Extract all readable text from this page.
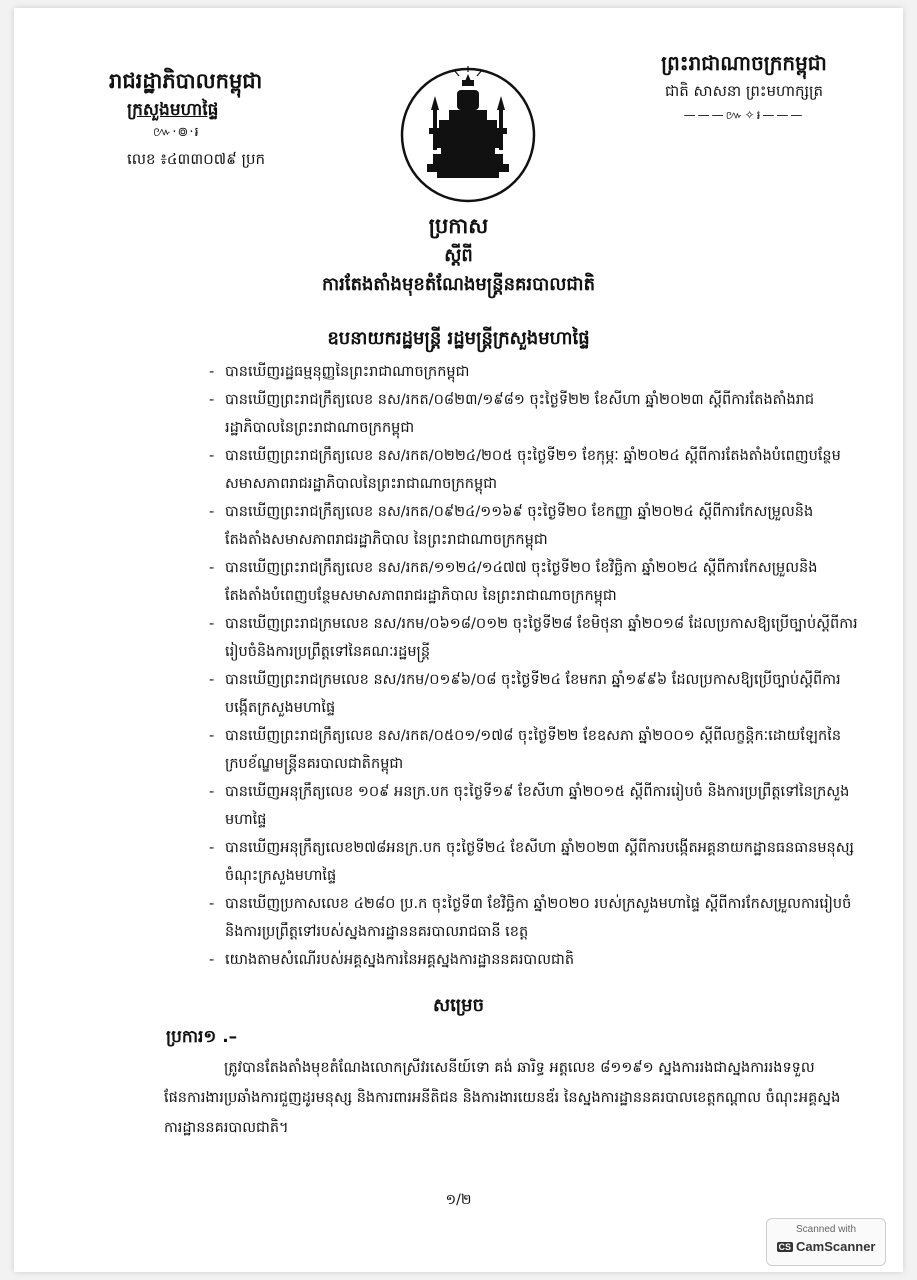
រាជរដ្ឋាភិបាលកម្ពុជា
ក្រសួងមហាផ្ទៃ
៚·៙·៛
លេខ ៖៤៣៣០៧៩ ប្រក
ព្រះរាជាណាចក្រកម្ពុជា
ជាតិ សាសនា ព្រះមហាក្សត្រ
———៚✧៛———
ប្រកាស
ស្តីពី
ការតែងតាំងមុខតំណែងមន្ត្រីនគរបាលជាតិ
ឧបនាយករដ្ឋមន្ត្រី រដ្ឋមន្ត្រីក្រសួងមហាផ្ទៃ
- បានឃើញរដ្ឋធម្មនុញ្ញនៃព្រះរាជាណាចក្រកម្ពុជា
- បានឃើញព្រះរាជក្រឹត្យលេខ នស/រកត/០៨២៣/១៩៨១ ចុះថ្ងៃទី២២ ខែសីហា ឆ្នាំ២០២៣ ស្តីពីការតែងតាំងរាជរដ្ឋាភិបាលនៃព្រះរាជាណាចក្រកម្ពុជា
- បានឃើញព្រះរាជក្រឹត្យលេខ នស/រកត/០២២៤/២០៥ ចុះថ្ងៃទី២១ ខែកុម្ភៈ ឆ្នាំ២០២៤ ស្តីពីការតែងតាំងបំពេញបន្ថែមសមាសភាពរាជរដ្ឋាភិបាលនៃព្រះរាជាណាចក្រកម្ពុជា
- បានឃើញព្រះរាជក្រឹត្យលេខ នស/រកត/០៩២៤/១១៦៩ ចុះថ្ងៃទី២០ ខែកញ្ញា ឆ្នាំ២០២៤ ស្តីពីការកែសម្រួលនិងតែងតាំងសមាសភាពរាជរដ្ឋាភិបាល នៃព្រះរាជាណាចក្រកម្ពុជា
- បានឃើញព្រះរាជក្រឹត្យលេខ នស/រកត/១១២៤/១៤៧៧ ចុះថ្ងៃទី២០ ខែវិច្ឆិកា ឆ្នាំ២០២៤ ស្តីពីការកែសម្រួលនិងតែងតាំងបំពេញបន្ថែមសមាសភាពរាជរដ្ឋាភិបាល នៃព្រះរាជាណាចក្រកម្ពុជា
- បានឃើញព្រះរាជក្រមលេខ នស/រកម/០៦១៨/០១២ ចុះថ្ងៃទី២៨ ខែមិថុនា ឆ្នាំ២០១៨ ដែលប្រកាសឱ្យប្រើច្បាប់ស្តីពីការរៀបចំនិងការប្រព្រឹត្តទៅនៃគណៈរដ្ឋមន្ត្រី
- បានឃើញព្រះរាជក្រមលេខ នស/រកម/០១៩៦/០៨ ចុះថ្ងៃទី២៤ ខែមករា ឆ្នាំ១៩៩៦ ដែលប្រកាសឱ្យប្រើច្បាប់ស្តីពីការបង្កើតក្រសួងមហាផ្ទៃ
- បានឃើញព្រះរាជក្រឹត្យលេខ នស/រកត/០៥០១/១៧៨ ចុះថ្ងៃទី២២ ខែឧសភា ឆ្នាំ២០០១ ស្តីពីលក្ខន្តិកៈដោយឡែកនៃក្របខ័ណ្ឌមន្ត្រីនគរបាលជាតិកម្ពុជា
- បានឃើញអនុក្រឹត្យលេខ ១០៩ អនក្រ.បក ចុះថ្ងៃទី១៩ ខែសីហា ឆ្នាំ២០១៥ ស្តីពីការរៀបចំ និងការប្រព្រឹត្តទៅនៃក្រសួងមហាផ្ទៃ
- បានឃើញអនុក្រឹត្យលេខ២៧៨អនក្រ.បក ចុះថ្ងៃទី២៤ ខែសីហា ឆ្នាំ២០២៣ ស្តីពីការបង្កើតអគ្គនាយកដ្ឋានធនធានមនុស្ស ចំណុះក្រសួងមហាផ្ទៃ
- បានឃើញប្រកាសលេខ ៤២៨០ ប្រ.ក ចុះថ្ងៃទី៣ ខែវិច្ឆិកា ឆ្នាំ២០២០ របស់ក្រសួងមហាផ្ទៃ ស្តីពីការកែសម្រួលការរៀបចំនិងការប្រព្រឹត្តទៅរបស់ស្នងការដ្ឋាននគរបាលរាជធានី ខេត្ត
- យោងតាមសំណើរបស់អគ្គស្នងការនៃអគ្គស្នងការដ្ឋាននគរបាលជាតិ
សម្រេច
ប្រការ១ .–
ត្រូវបានតែងតាំងមុខតំណែងលោកស្រីវរសេនីយ៍ទោ គង់ ឆារិទ្ធ អត្តលេខ ៨១១៩១ ស្នងការរងជាស្នងការរងទទួលផែនការងារប្រឆាំងការជួញដូរមនុស្ស និងការពារអនីតិជន និងការងារយេនឌ័រ នៃស្នងការដ្ឋាននគរបាលខេត្តកណ្តាល ចំណុះអគ្គស្នងការដ្ឋាននគរបាលជាតិ។
១/២
Scanned with
CS CamScanner
